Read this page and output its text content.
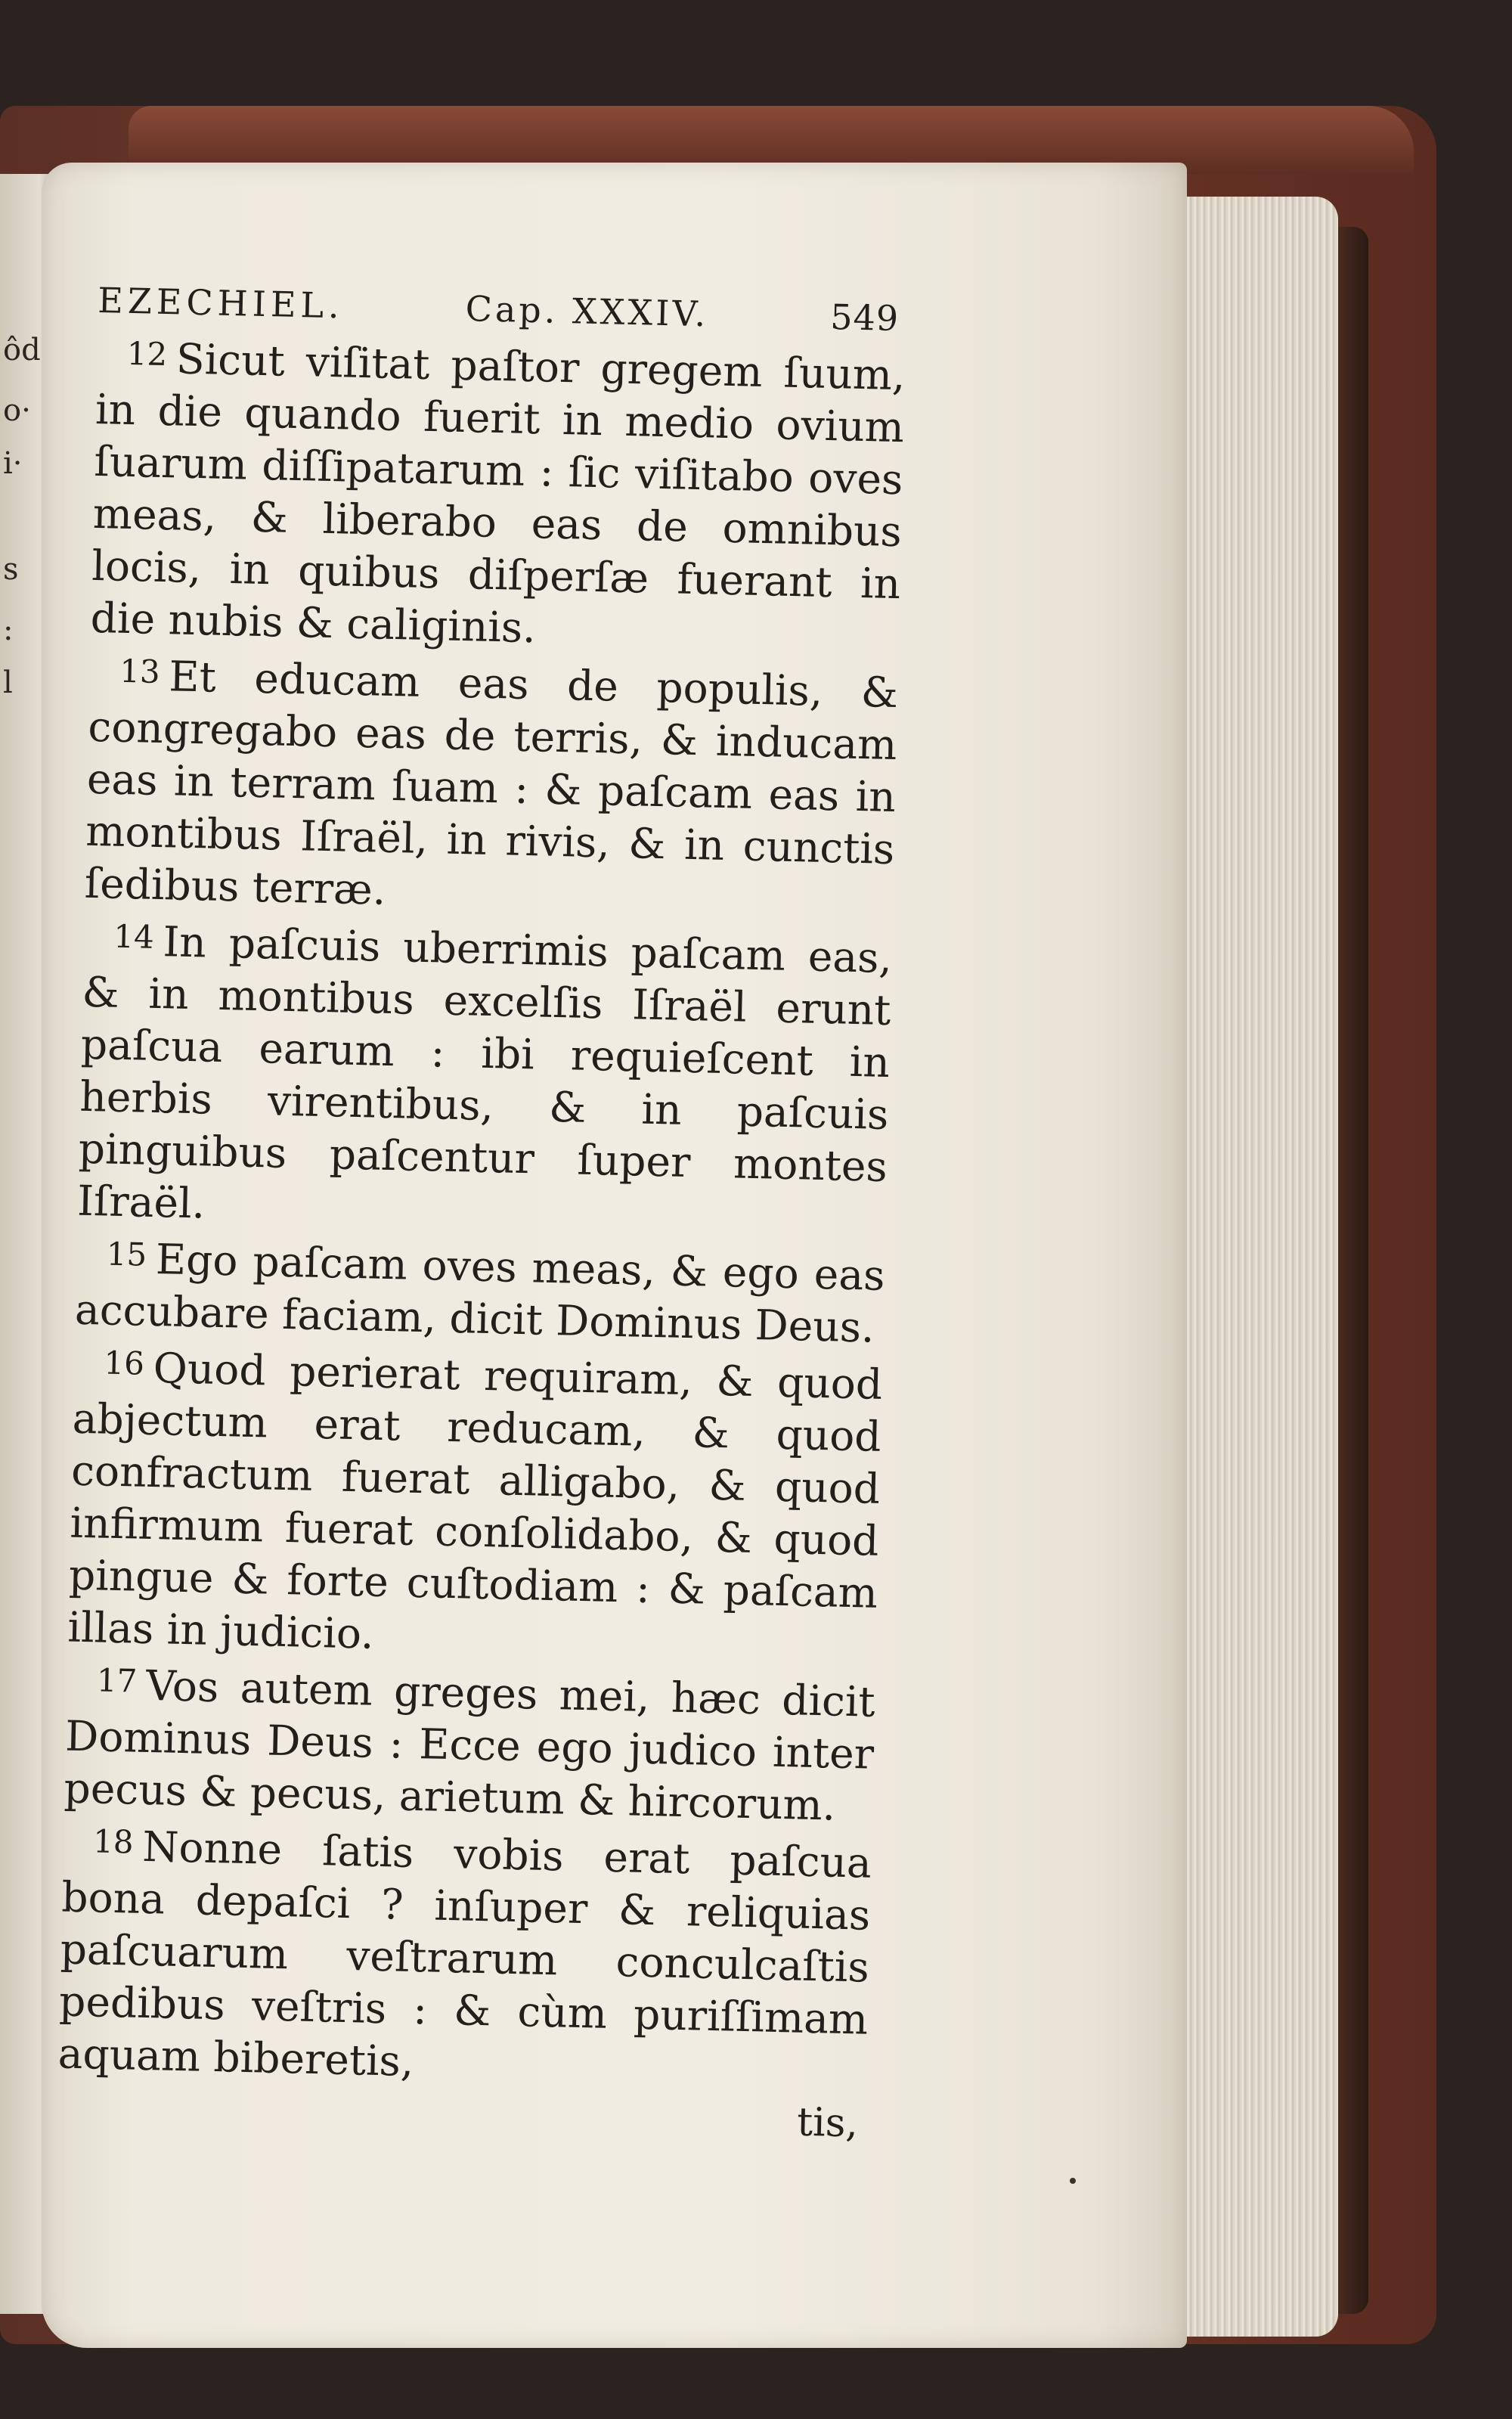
ôd
o·
i·
s
:
l
EZECHIEL.	Cap. XXXIV.	549

12 Sicut viſitat paſtor gregem ſuum, in die quando fuerit in medio ovium ſuarum diſſipatarum : ſic viſitabo oves meas, & liberabo eas de omnibus locis, in quibus diſperſæ fuerant in die nubis & caliginis.

13 Et educam eas de populis, & congregabo eas de terris, & inducam eas in terram ſuam : & paſcam eas in montibus Iſraël, in rivis, & in cunctis ſedibus terræ.

14 In paſcuis uberrimis paſcam eas, & in montibus excelſis Iſraël erunt paſcua earum : ibi requieſcent in herbis virentibus, & in paſcuis pinguibus paſcentur ſuper montes Iſraël.

15 Ego paſcam oves meas, & ego eas accubare faciam, dicit Dominus Deus.

16 Quod perierat requiram, & quod abjectum erat reducam, & quod confractum fuerat alligabo, & quod infirmum fuerat conſolidabo, & quod pingue & forte cuſtodiam : & paſcam illas in judicio.

17 Vos autem greges mei, hæc dicit Dominus Deus : Ecce ego judico inter pecus & pecus, arietum & hircorum.

18 Nonne ſatis vobis erat paſcua bona depaſci ? inſuper & reliquias paſcuarum veſtrarum conculcaſtis pedibus veſtris : & cùm puriſſimam aquam biberetis,

tis,
